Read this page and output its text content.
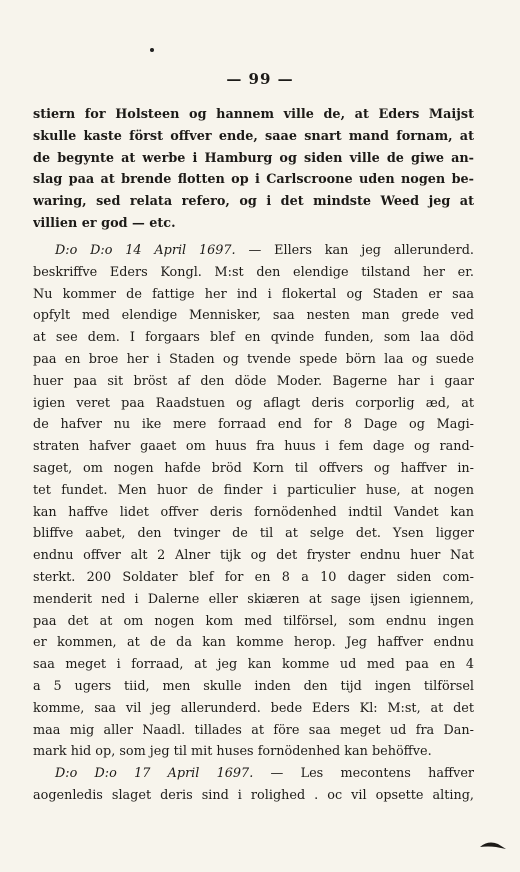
— 99 —
stiern for Holsteen og hannem ville de, at Eders Maijst
skulle kaste först offver ende, saae snart mand fornam, at
de begynte at werbe i Hamburg og siden ville de giwe an-
slag paa at brende flotten op i Carlscroone uden nogen be-
waring, sed relata refero, og i det mindste Weed jeg at
villien er god — etc.
D:o D:o 14 April 1697. — Ellers kan jeg allerunderd.
beskriffve Eders Kongl. M:st den elendige tilstand her er.
Nu kommer de fattige her ind i flokertal og Staden er saa
opfylt med elendige Mennisker, saa nesten man grede ved
at see dem. I forgaars blef en qvinde funden, som laa död
paa en broe her i Staden og tvende spede börn laa og suede
huer paa sit bröst af den döde Moder. Bagerne har i gaar
igien veret paa Raadstuen og aflagt deris corporlig æd, at
de hafver nu ike mere forraad end for 8 Dage og Magi-
straten hafver gaaet om huus fra huus i fem dage og rand-
saget, om nogen hafde bröd Korn til offvers og haffver in-
tet fundet. Men huor de finder i particulier huse, at nogen
kan haffve lidet offver deris fornödenhed indtil Vandet kan
bliffve aabet, den tvinger de til at selge det. Ysen ligger
endnu offver alt 2 Alner tijk og det fryster endnu huer Nat
sterkt. 200 Soldater blef for en 8 a 10 dager siden com-
menderit ned i Dalerne eller skiæren at sage ijsen igiennem,
paa det at om nogen kom med tilförsel, som endnu ingen
er kommen, at de da kan komme herop. Jeg haffver endnu
saa meget i forraad, at jeg kan komme ud med paa en 4
a 5 ugers tiid, men skulle inden den tijd ingen tilförsel
komme, saa vil jeg allerunderd. bede Eders Kl: M:st, at det
maa mig aller Naadl. tillades at före saa meget ud fra Dan-
mark hid op, som jeg til mit huses fornödenhed kan behöffve.
D:o D:o 17 April 1697. — Les mecontens haffver
aogenledis slaget deris sind i rolighed . oc vil opsette alting,
